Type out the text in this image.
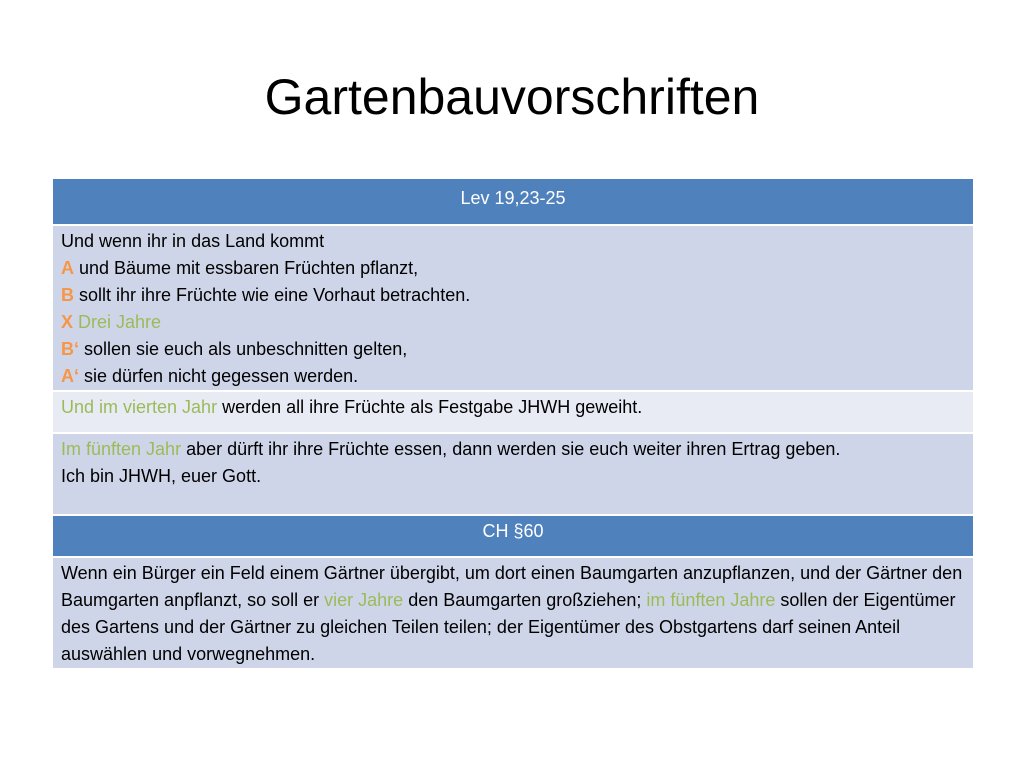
Gartenbauvorschriften
Lev 19,23-25

Und wenn ihr in das Land kommt
A und Bäume mit essbaren Früchten pflanzt,
B sollt ihr ihre Früchte wie eine Vorhaut betrachten.
X Drei Jahre
B‘ sollen sie euch als unbeschnitten gelten,
A‘ sie dürfen nicht gegessen werden.

Und im vierten Jahr werden all ihre Früchte als Festgabe JHWH geweiht.

Im fünften Jahr aber dürft ihr ihre Früchte essen, dann werden sie euch weiter ihren Ertrag geben.
Ich bin JHWH, euer Gott.

CH §60
Wenn ein Bürger ein Feld einem Gärtner übergibt, um dort einen Baumgarten anzupflanzen, und der Gärtner den Baumgarten anpflanzt, so soll er vier Jahre den Baumgarten großziehen; im fünften Jahre sollen der Eigentümer des Gartens und der Gärtner zu gleichen Teilen teilen; der Eigentümer des Obstgartens darf seinen Anteil auswählen und vorwegnehmen.
